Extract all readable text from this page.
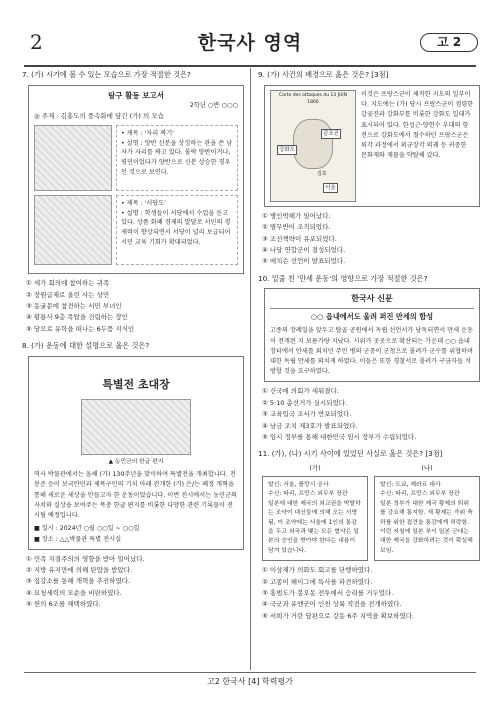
2	한국사 영역	고 2
7. (가) 시기에 볼 수 있는 모습으로 가장 적절한 것은?
탐구 활동 보고서
2학년 ○반 ○○○
◎ 주제 : 김홍도의 풍속화에 담긴 (가) 의 모습
• 제목 : '자리 짜기'
• 설명 : 양반 신분을 상징하는 관을 쓴 남자가 자리를 짜고 있다. 몰락 양반이거나, 평민이었다가 양반으로 신분 상승한 경우인 것으로 보인다.
• 제목 : '서당도'
• 설명 : 학생들이 서당에서 수업을 듣고 있다. 상품 화폐 경제의 발달로 서민의 경제력이 향상되면서 서당이 널리 보급되어 서민 교육 기회가 확대되었다.
① 세가 회의에 참여하는 귀족
② 장원급제로 올린 사는 상민
③ 동굴문에 참전하는 서민 부녀인
④ 황룡사 9층 목탑을 건립하는 장인
⑤ 당으로 유학을 떠나는 6두품 지식인
8. (가) 운동에 대한 설명으로 옳은 것은?
특별전 초대장
▲ 농민군의 한글 편지
역사 박물관에서는 올해 (가) 130주년을 맞이하여 특별전을 개최합니다. 전봉준 등이 보국안민과 제폭구민의 기치 아래 전개한 (가) 은/는 폐정 개혁을 통해 새로운 세상을 만들고자 한 운동이었습니다. 이번 전시에서는 농민군의 자치와 실상을 보여주는 폭중 한글 편지를 비롯한 다양한 관련 기록물이 전시될 예정입니다.
■ 일시 : 2024년 ○월 ○○일 ~ ○○일
■ 장소 : △△박물관 특별 전시실
① 민족 자결주의의 영향을 받아 일어났다.
② 지방 유지만에 의해 탄압을 받았다.
③ 집강소를 통해 개혁을 추진하였다.
④ 묘청세력의 모순을 비판하였다.
⑤ 헌의 6조를 채택하였다.
9. (가) 사건의 배경으로 옳은 것은? [3점]
Carte des attaques du 13 JUIN 1866
강화도
감포진
서울
김포
이것은 프랑스군이 제작한 지도의 일부이다. 지도에는 (가) 당시 프랑스군이 점령한 갑곶진과 강화부를 비롯한 강화도 일대가 표시되어 있다. 한성근·양헌수 부대의 항전으로 강화도에서 철수하던 프랑스군은 퇴각 과정에서 외규장각 의궤 등 귀중한 문화재와 재물을 약탈해 갔다.
① 병인박해가 일어났다.
② 별무반이 조직되었다.
③ 조선책략이 유포되었다.
④ 나당 연합군이 결성되었다.
⑤ 애치슨 선언이 발표되었다.
10. 밑줄 친 '만세 운동'의 영향으로 가장 적절한 것은?
한국사 신문
○○ 읍내에서도 울려 퍼진 만세의 함성
고종의 장례일을 앞두고 탑골 공원에서 독립 선언서가 낭독되면서 만세 운동이 전개된 지 보름가량 지났다. 시위가 곳곳으로 확산되는 가운데 ○○ 읍내 장터에서 만세를 외치던 주민 병의 군중이 군청으로 몰려가 군수를 위협하며 대한 독립 만세를 외치게 하였다. 이들은 또한 경찰서로 몰려가 구금자들 석방할 것을 요구하였다.
① 신국에 의회가 세워졌다.
② 5·10 총선거가 실시되었다.
③ 교육입국 조서가 반포되었다.
④ 남금 조치 제3호가 발표되었다.
⑤ 임시 정부를 통해 대한민국 임시 정부가 수립되었다.
11. (가), (나) 시기 사이에 있었던 사실로 옳은 것은? [3점]
(가)
발신: 서울, 플랑시 공사
수신: 파리, 프랑스 외무부 장관
일본에 대한 제국의 외교권을 박탈하는 조약이 대신들에 의해 오는 서명됨, 이 조약에는 서울에 1인의 통감을 두고 외국과 맺는 모든 협약은 일본의 승인을 받아야 한다는 내용이 담겨 있습니다.
(나)
발신: 도쿄, 제라르 대사
수신: 파리, 프랑스 외무부 장관
일본 정부가 대한 제국 황제의 퇴위를 강요해 통지함. 새 황제는 즉위 축하를 위한 접견을 통감에게 허락함. 이런 지침에 일본 부이 일본 군대는 대한 제국을 강화하려는 것이 확실해 보임.
① 이상재가 의화도 회고를 단행하였다.
② 고종이 헤이그에 특사를 파견하였다.
③ 홍범도가 봉오동 전투에서 승리를 거두었다.
④ 국군과 유엔군이 인천 상륙 작전을 전개하였다.
⑤ 서희가 거란 담판으로 강동 6주 지역을 확보하였다.
고2 한국사 [4] 학력평가
